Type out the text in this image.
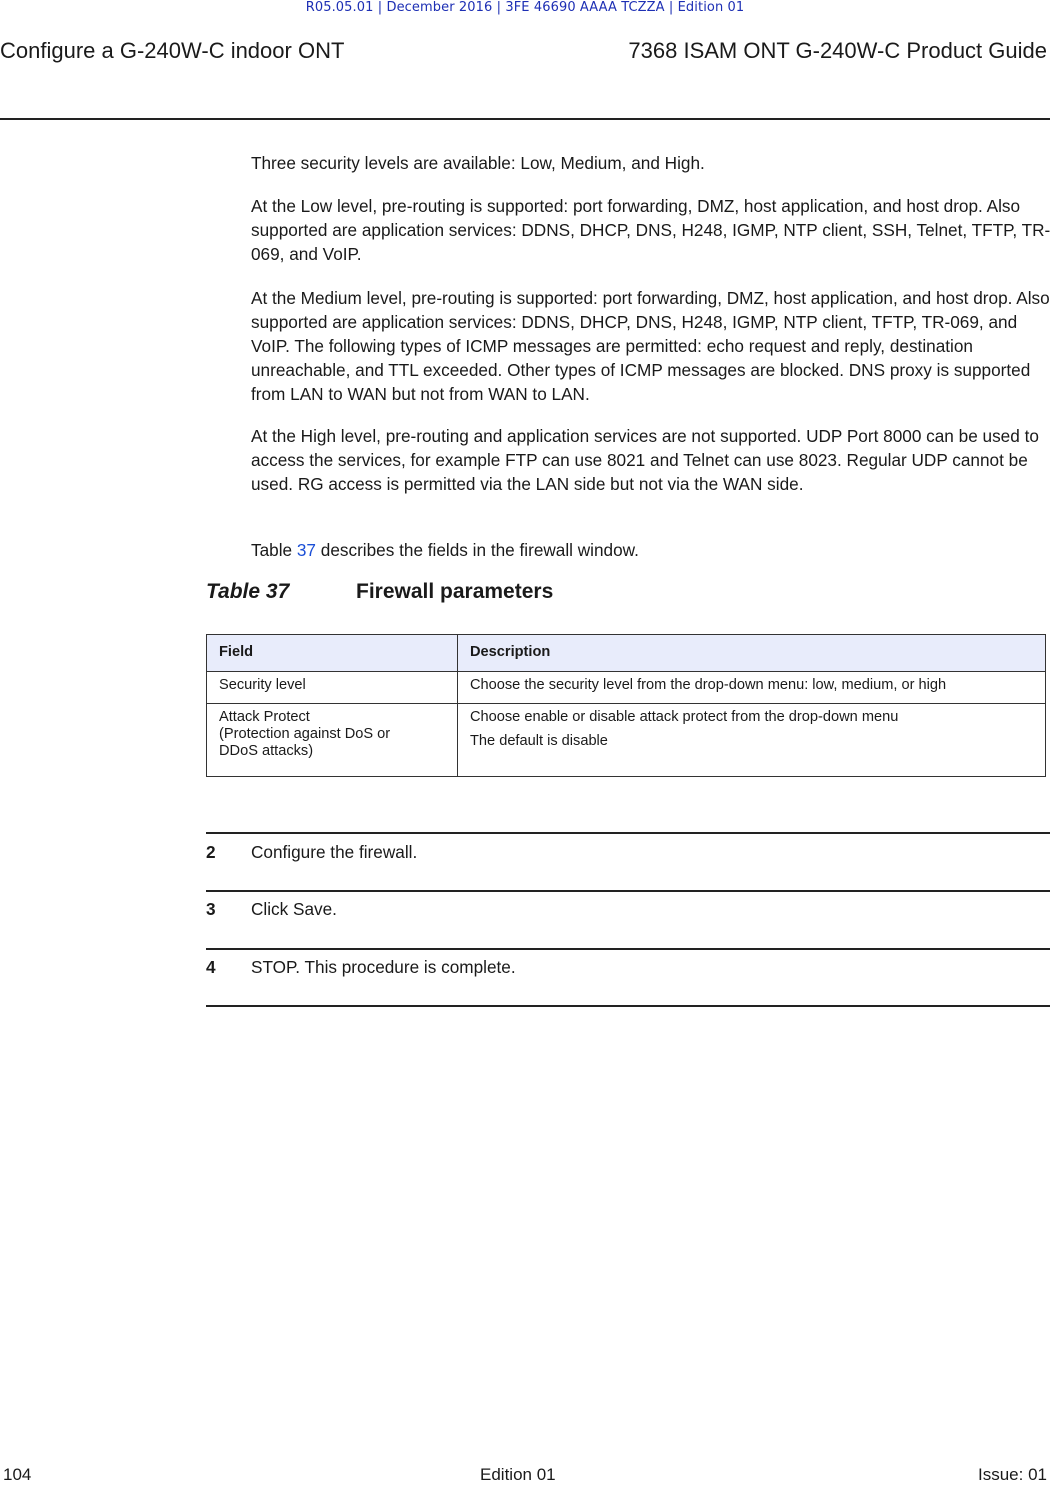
R05.05.01 | December 2016 | 3FE 46690 AAAA TCZZA | Edition 01
Configure a G-240W-C indoor ONT	7368 ISAM ONT G-240W-C Product Guide

Three security levels are available: Low, Medium, and High.

At the Low level, pre-routing is supported: port forwarding, DMZ, host application, and host drop. Also supported are application services: DDNS, DHCP, DNS, H248, IGMP, NTP client, SSH, Telnet, TFTP, TR-069, and VoIP.

At the Medium level, pre-routing is supported: port forwarding, DMZ, host application, and host drop. Also supported are application services: DDNS, DHCP, DNS, H248, IGMP, NTP client, TFTP, TR-069, and VoIP. The following types of ICMP messages are permitted: echo request and reply, destination unreachable, and TTL exceeded. Other types of ICMP messages are blocked. DNS proxy is supported from LAN to WAN but not from WAN to LAN.

At the High level, pre-routing and application services are not supported. UDP Port 8000 can be used to access the services, for example FTP can use 8021 and Telnet can use 8023. Regular UDP cannot be used. RG access is permitted via the LAN side but not via the WAN side.

Table 37 describes the fields in the firewall window.

Table 37	Firewall parameters
Field	Description
Security level	Choose the security level from the drop-down menu: low, medium, or high

Attack Protect
(Protection against DoS or
DDoS attacks)	Choose enable or disable attack protect from the drop-down menu
The default is disable
2 Configure the firewall.
3 Click Save.
4 STOP. This procedure is complete.
104	Edition 01	Issue: 01
